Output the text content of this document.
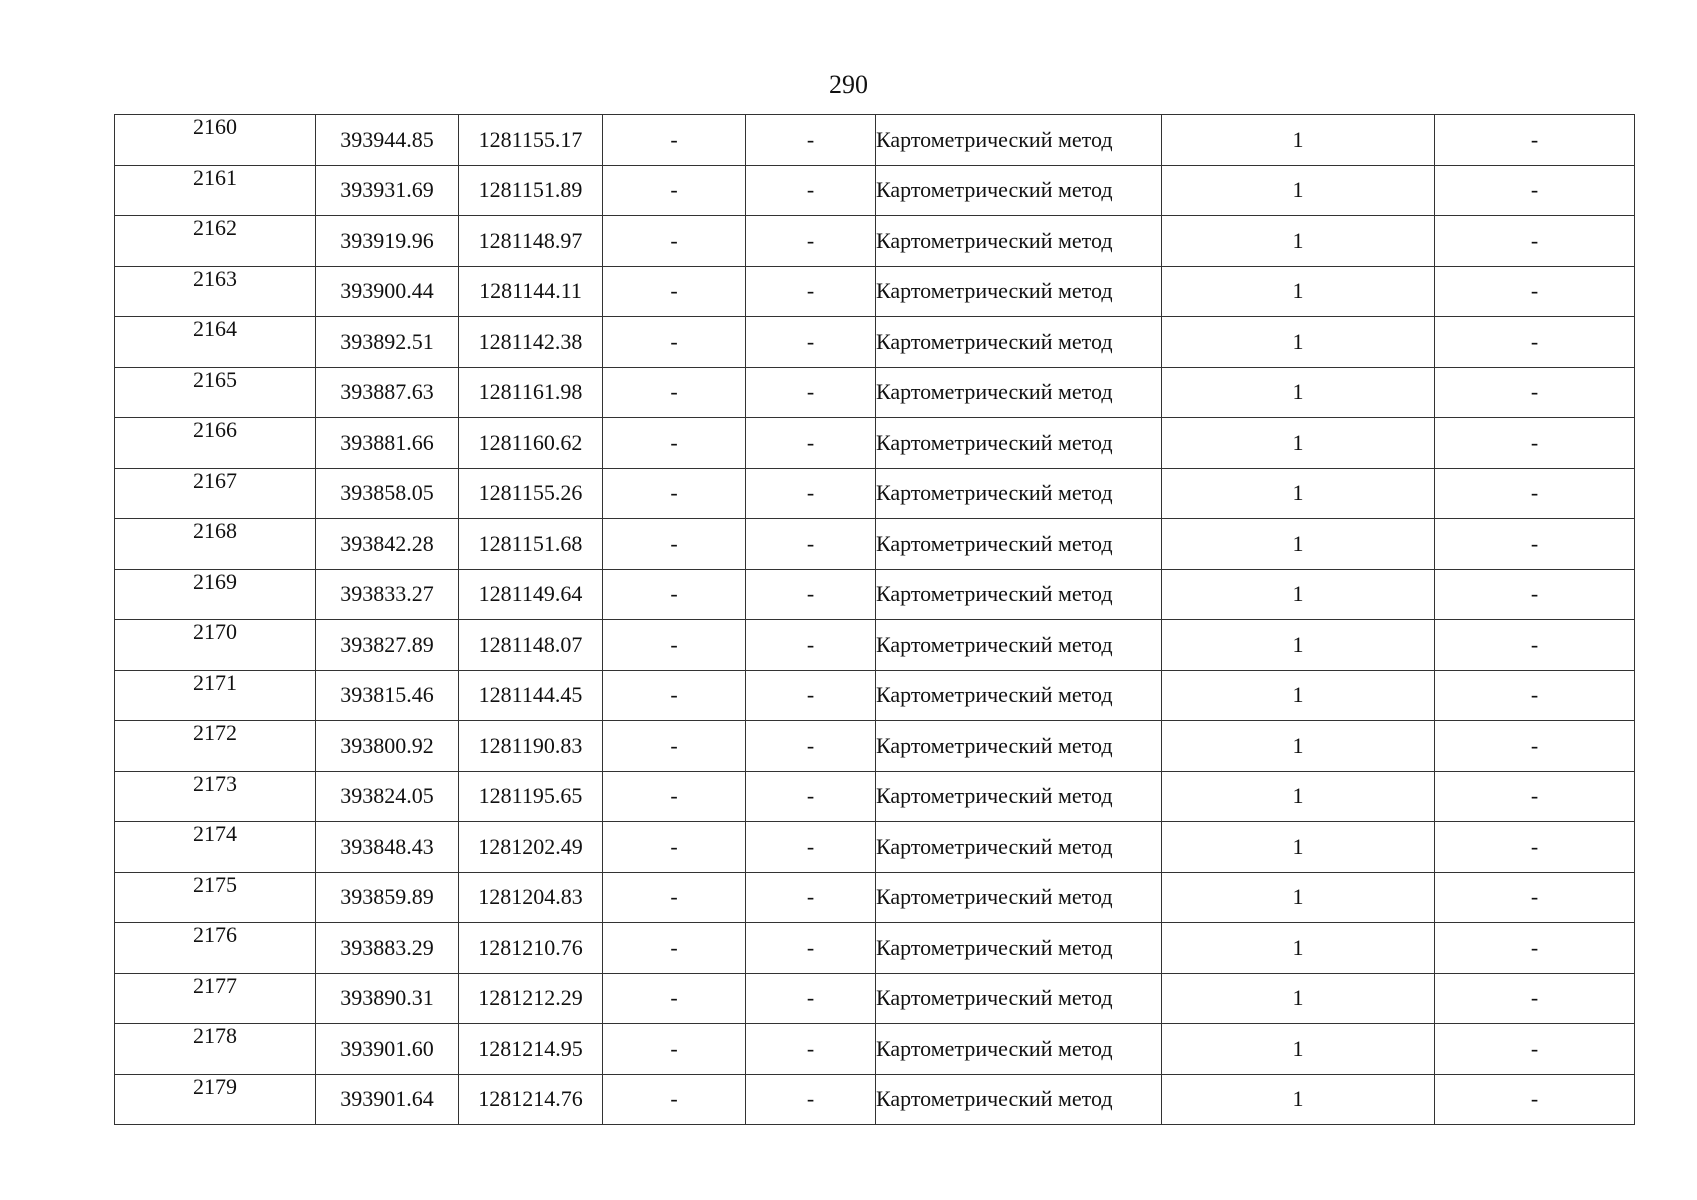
290
2160	393944.85	1281155.17	-	-	Картометрический метод	1	-
2161	393931.69	1281151.89	-	-	Картометрический метод	1	-
2162	393919.96	1281148.97	-	-	Картометрический метод	1	-
2163	393900.44	1281144.11	-	-	Картометрический метод	1	-
2164	393892.51	1281142.38	-	-	Картометрический метод	1	-
2165	393887.63	1281161.98	-	-	Картометрический метод	1	-
2166	393881.66	1281160.62	-	-	Картометрический метод	1	-
2167	393858.05	1281155.26	-	-	Картометрический метод	1	-
2168	393842.28	1281151.68	-	-	Картометрический метод	1	-
2169	393833.27	1281149.64	-	-	Картометрический метод	1	-
2170	393827.89	1281148.07	-	-	Картометрический метод	1	-
2171	393815.46	1281144.45	-	-	Картометрический метод	1	-
2172	393800.92	1281190.83	-	-	Картометрический метод	1	-
2173	393824.05	1281195.65	-	-	Картометрический метод	1	-
2174	393848.43	1281202.49	-	-	Картометрический метод	1	-
2175	393859.89	1281204.83	-	-	Картометрический метод	1	-
2176	393883.29	1281210.76	-	-	Картометрический метод	1	-
2177	393890.31	1281212.29	-	-	Картометрический метод	1	-
2178	393901.60	1281214.95	-	-	Картометрический метод	1	-
2179	393901.64	1281214.76	-	-	Картометрический метод	1	-
